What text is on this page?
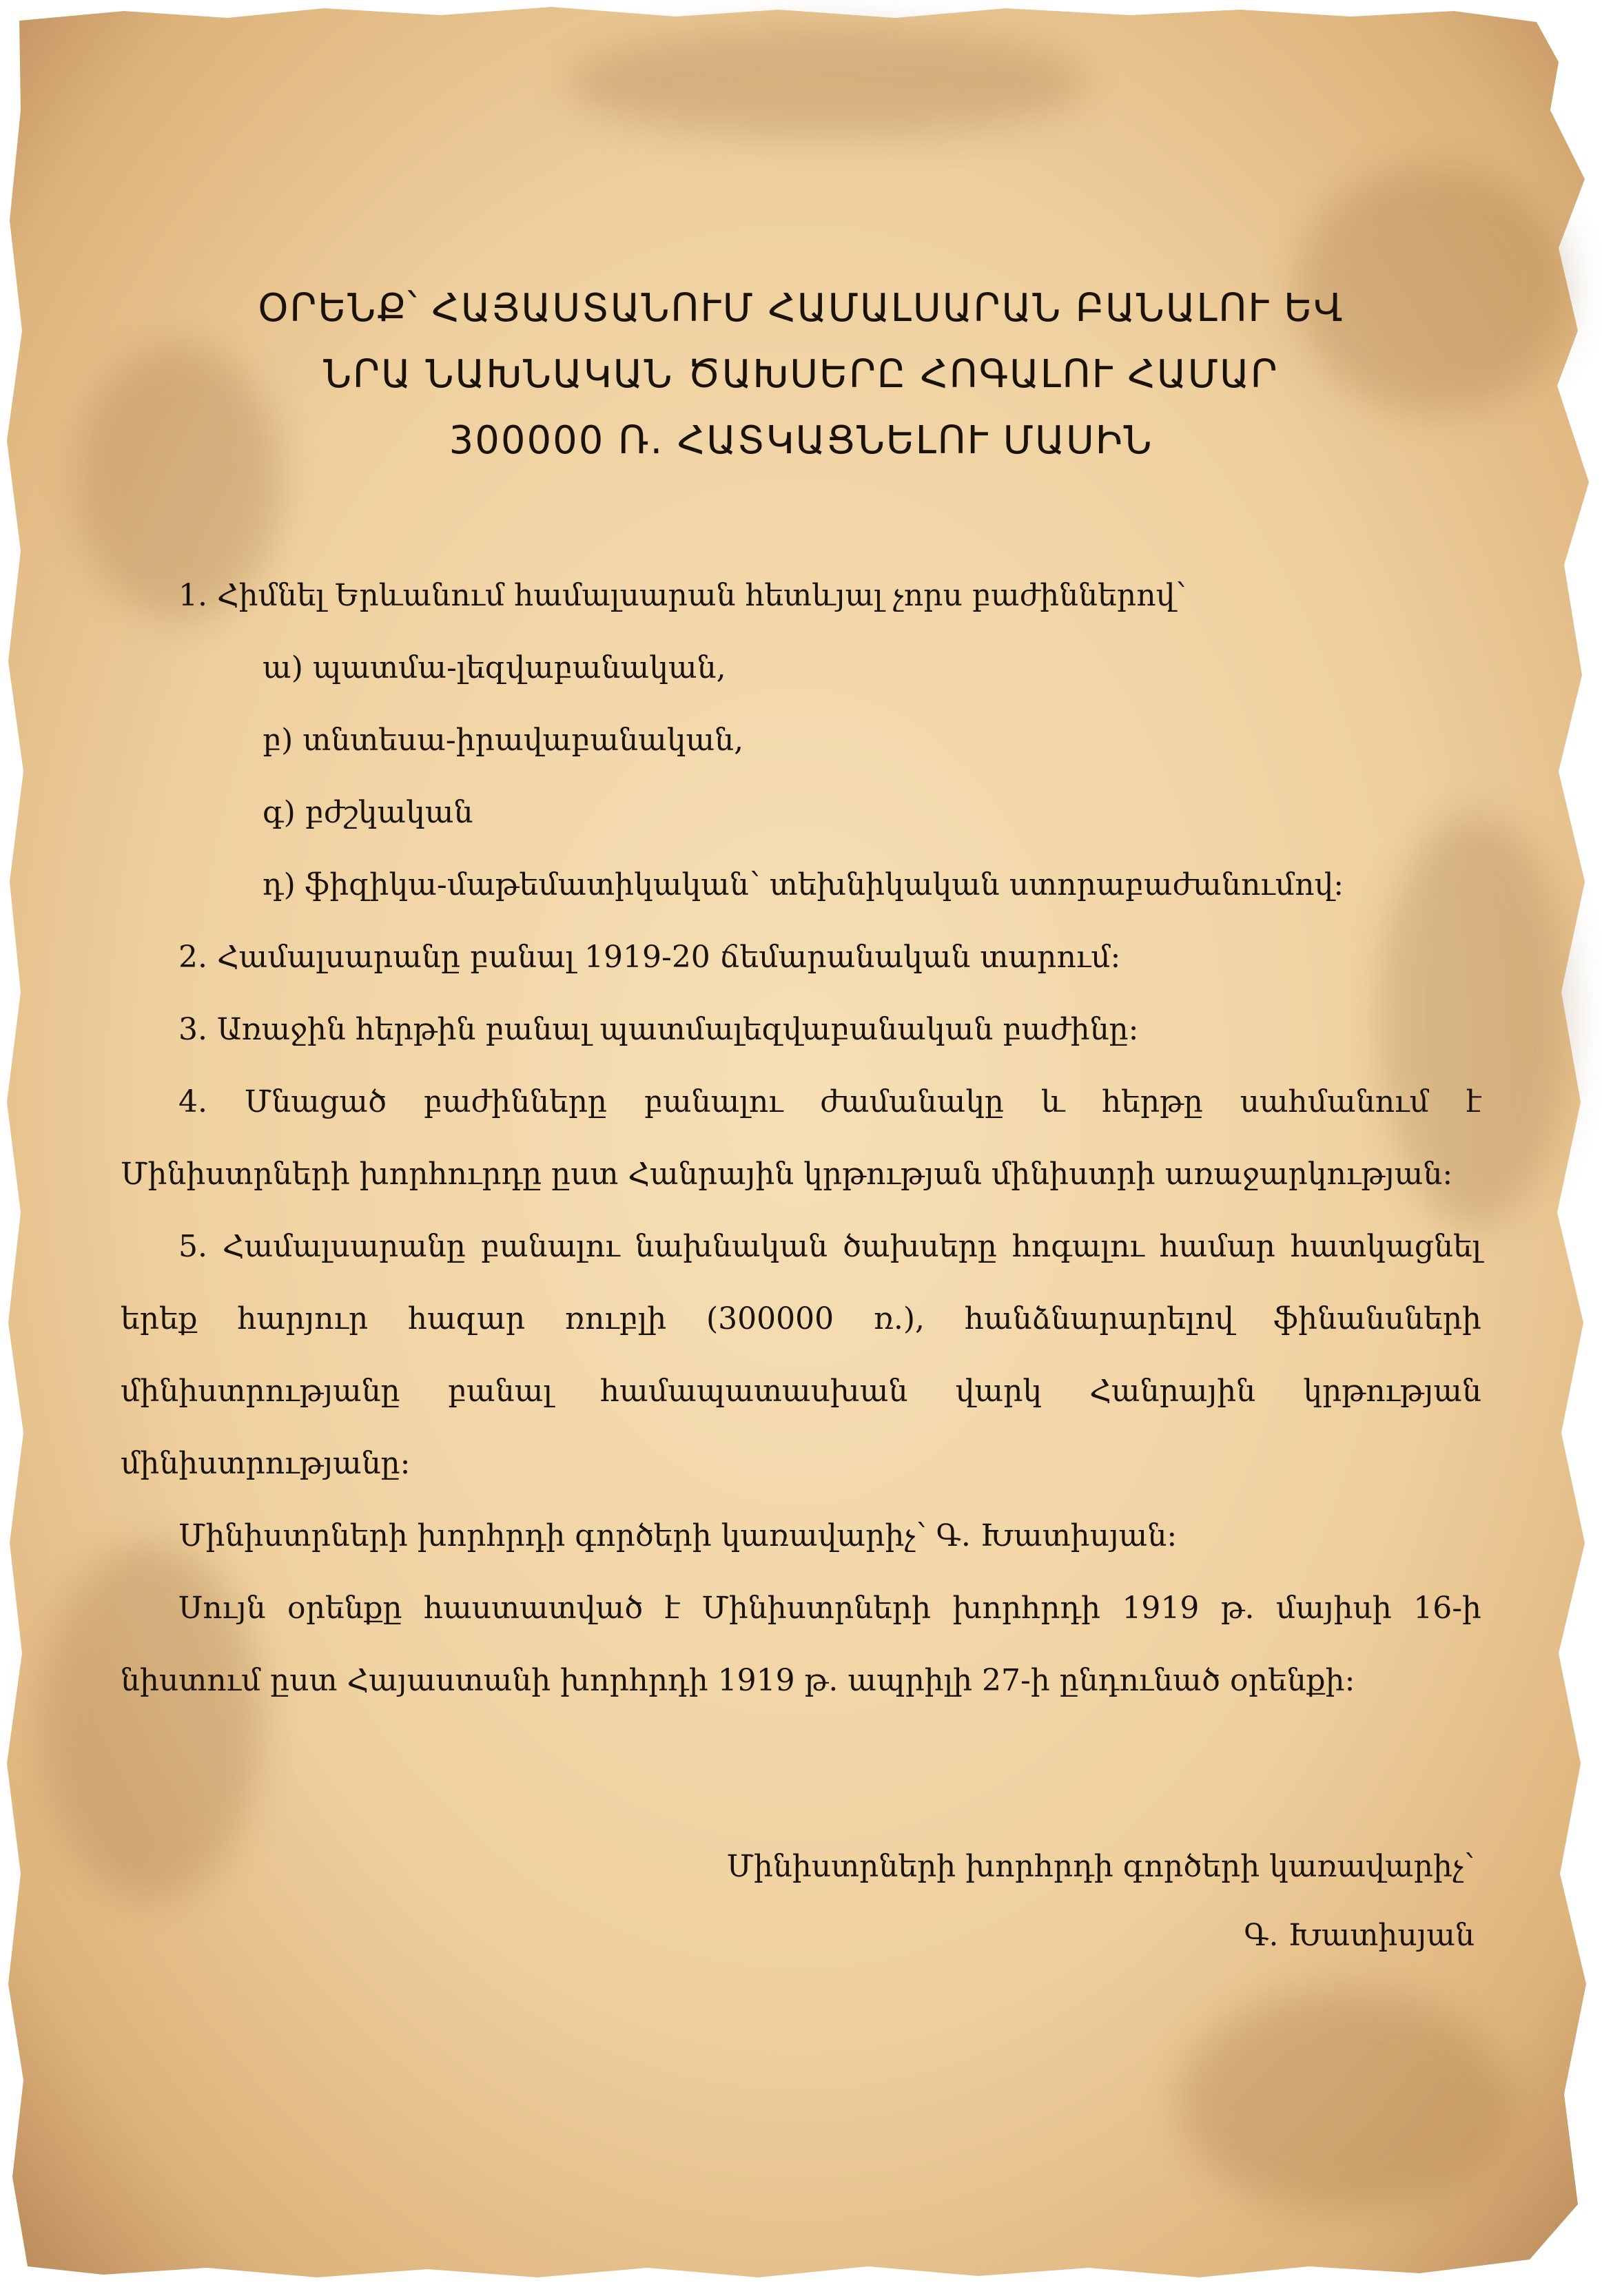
ՕՐԵՆՔ՝ ՀԱՅԱՍՏԱՆՈՒՄ ՀԱՄԱԼՍԱՐԱՆ ԲԱՆԱԼՈՒ ԵՎ
ՆՐԱ ՆԱԽՆԱԿԱՆ ԾԱԽՍԵՐԸ ՀՈԳԱԼՈՒ ՀԱՄԱՐ
300000 Ռ. ՀԱՏԿԱՑՆԵԼՈՒ ՄԱՍԻՆ

1. Հիմնել Երևանում համալսարան հետևյալ չորս բաժիններով՝

ա) պատմա-լեզվաբանական,

բ) տնտեսա-իրավաբանական,

գ) բժշկական

դ) ֆիզիկա-մաթեմատիկական՝ տեխնիկական ստորաբաժանումով:

2. Համալսարանը բանալ 1919-20 ճեմարանական տարում:

3. Առաջին հերթին բանալ պատմալեզվաբանական բաժինը:

4. Մնացած բաժինները բանալու ժամանակը և հերթը սահմանում է Մինիստրների խորհուրդը ըստ Հանրային կրթության մինիստրի առաջարկության:

5. Համալսարանը բանալու նախնական ծախսերը հոգալու համար հատկացնել երեք հարյուր հազար ռուբլի (300000 ռ.), հանձնարարելով ֆինանսների մինիստրությանը բանալ համապատասխան վարկ Հանրային կրթության մինիստրությանը:

Մինիստրների խորհրդի գործերի կառավարիչ՝ Գ. Խատիսյան:

Սույն օրենքը հաստատված է Մինիստրների խորհրդի 1919 թ. մայիսի 16-ի նիստում ըստ Հայաստանի խորհրդի 1919 թ. ապրիլի 27-ի ընդունած օրենքի:

Մինիստրների խորհրդի գործերի կառավարիչ՝
Գ. Խատիսյան
